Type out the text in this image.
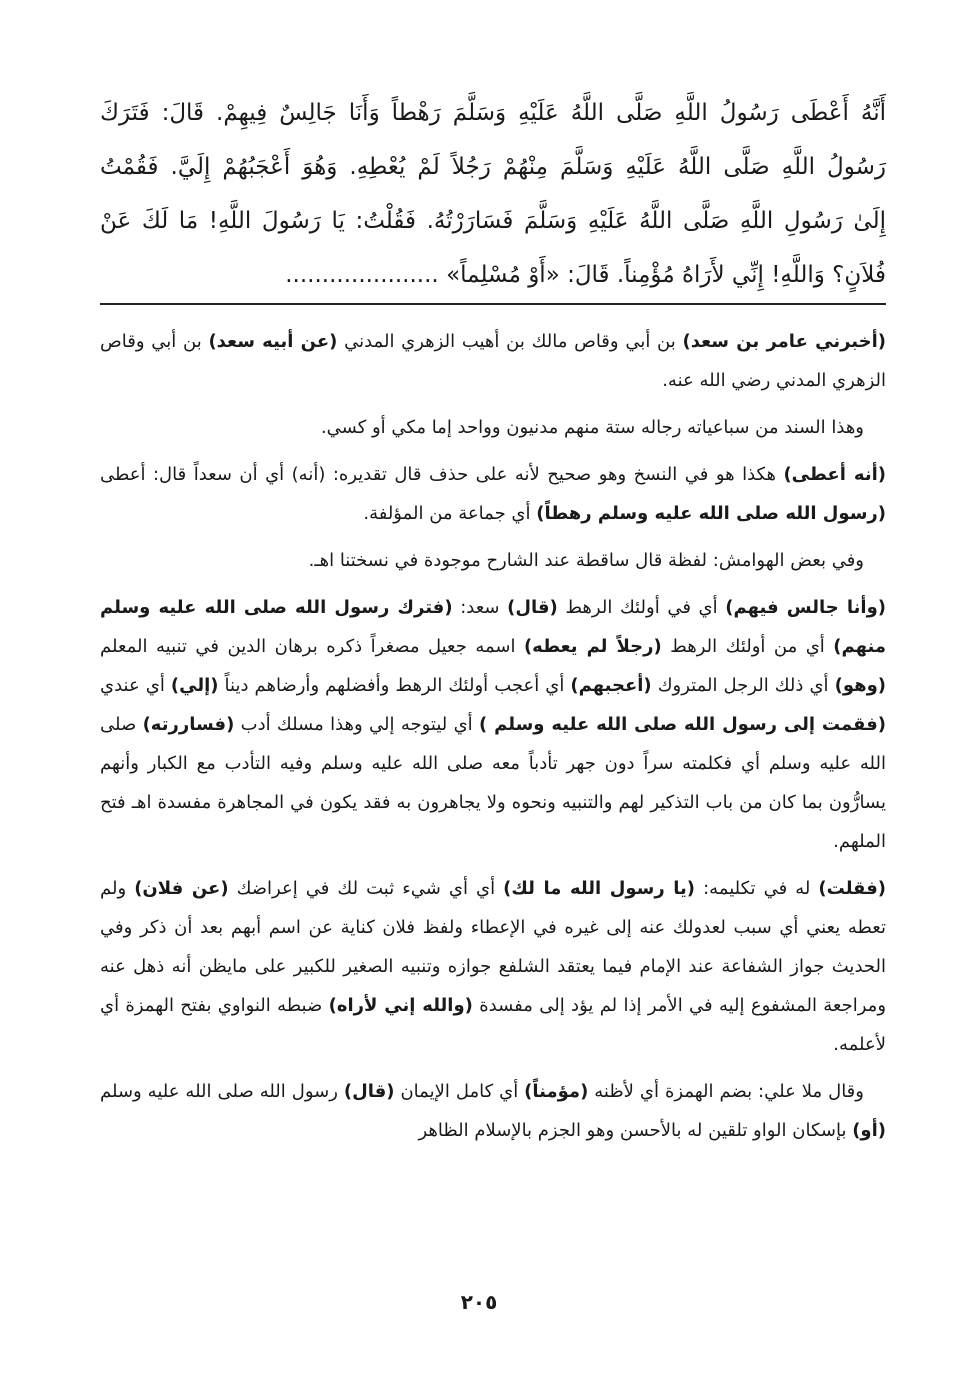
أَنَّهُ أَعْطَى رَسُولُ اللَّهِ صَلَّى اللَّهُ عَلَيْهِ وَسَلَّمَ رَهْطاً وَأَنَا جَالِسٌ فِيهِمْ. قَالَ: فَتَرَكَ
رَسُولُ اللَّهِ صَلَّى اللَّهُ عَلَيْهِ وَسَلَّمَ مِنْهُمْ رَجُلاً لَمْ يُعْطِهِ. وَهُوَ أَعْجَبُهُمْ إِلَيَّ. فَقُمْتُ
إِلَىٰ رَسُولِ اللَّهِ صَلَّى اللَّهُ عَلَيْهِ وَسَلَّمَ فَسَارَرْتُهُ. فَقُلْتُ: يَا رَسُولَ اللَّهِ! مَا لَكَ عَنْ
فُلاَنٍ؟ وَاللَّهِ! إِنِّي لأَرَاهُ مُؤْمِناً. قَالَ: «أَوْ مُسْلِماً» .....................

(أخبرني عامر بن سعد) بن أبي وقاص مالك بن أهيب الزهري المدني (عن أبيه سعد) بن أبي وقاص الزهري المدني رضي الله عنه.

وهذا السند من سباعياته رجاله ستة منهم مدنيون وواحد إما مكي أو كسي.

(أنه أعطى) هكذا هو في النسخ وهو صحيح لأنه على حذف قال تقديره: (أنه) أي أن سعداً قال: أعطى (رسول الله صلى الله عليه وسلم رهطاً) أي جماعة من المؤلفة.

وفي بعض الهوامش: لفظة قال ساقطة عند الشارح موجودة في نسختنا اهـ.

(وأنا جالس فيهم) أي في أولئك الرهط (قال) سعد: (فترك رسول الله صلى الله عليه وسلم منهم) أي من أولئك الرهط (رجلاً لم يعطه) اسمه جعيل مصغراً ذكره برهان الدين في تنبيه المعلم (وهو) أي ذلك الرجل المتروك (أعجبهم) أي أعجب أولئك الرهط وأفضلهم وأرضاهم ديناً (إلي) أي عندي (فقمت إلى رسول الله صلى الله عليه وسلم ) أي ليتوجه إلي وهذا مسلك أدب (فساررته) صلى الله عليه وسلم أي فكلمته سراً دون جهر تأدباً معه صلى الله عليه وسلم وفيه التأدب مع الكبار وأنهم يسارُّون بما كان من باب التذكير لهم والتنبيه ونحوه ولا يجاهرون به فقد يكون في المجاهرة مفسدة اهـ فتح الملهم.

(فقلت) له في تكليمه: (يا رسول الله ما لك) أي أي شيء ثبت لك في إعراضك (عن فلان) ولم تعطه يعني أي سبب لعدولك عنه إلى غيره في الإعطاء ولفظ فلان كناية عن اسم أبهم بعد أن ذكر وفي الحديث جواز الشفاعة عند الإمام فيما يعتقد الشلفع جوازه وتنبيه الصغير للكبير على مايظن أنه ذهل عنه ومراجعة المشفوع إليه في الأمر إذا لم يؤد إلى مفسدة (والله إني لأراه) ضبطه النواوي بفتح الهمزة أي لأعلمه.

وقال ملا علي: بضم الهمزة أي لأظنه (مؤمناً) أي كامل الإيمان (قال) رسول الله صلى الله عليه وسلم (أو) بإسكان الواو تلقين له بالأحسن وهو الجزم بالإسلام الظاهر

٢٠٥
